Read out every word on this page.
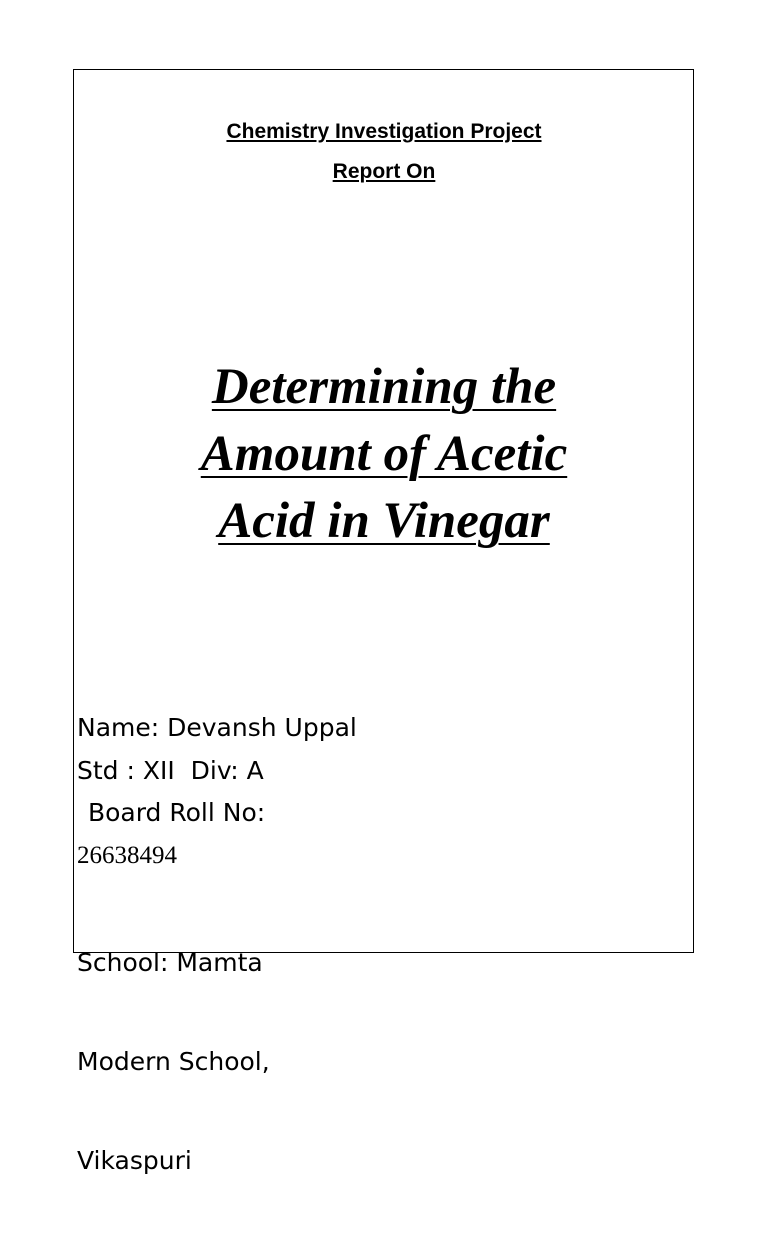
Chemistry Investigation Project
Report On
Determining the
Amount of Acetic
Acid in Vinegar
Name: Devansh Uppal
Std : XII  Div: A
Board Roll No:
26638494

School: Mamta

Modern School,

Vikaspuri
